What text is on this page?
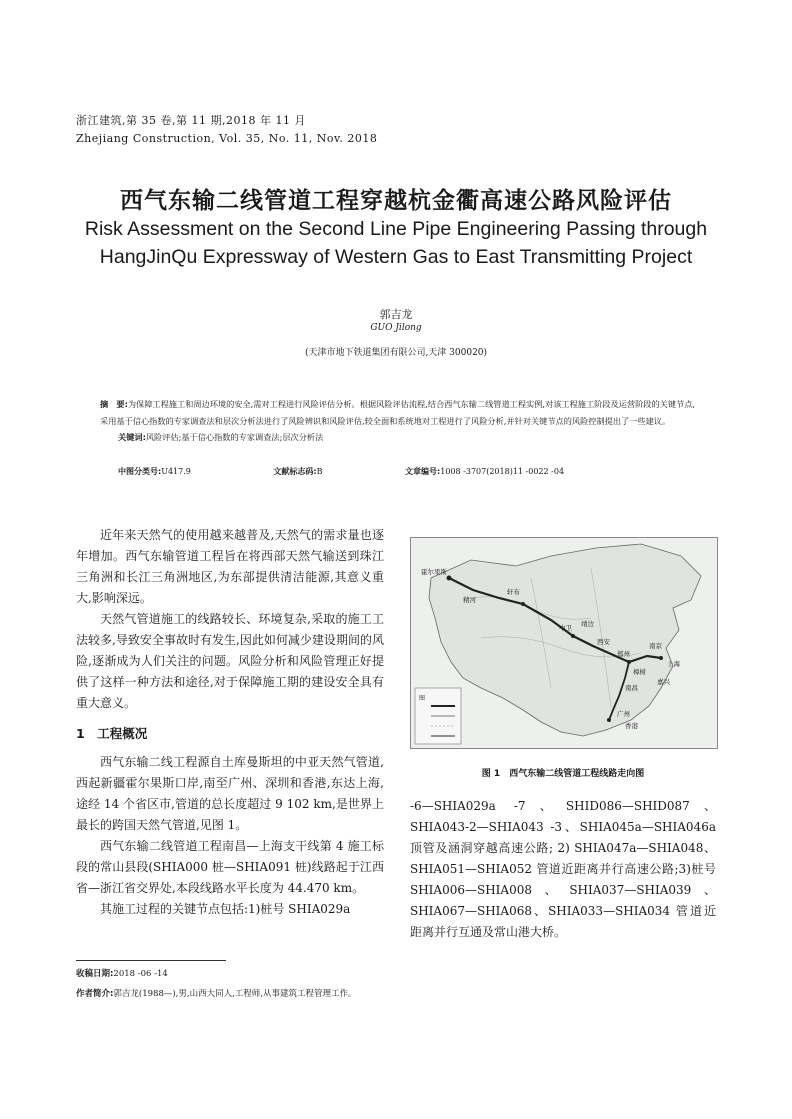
浙江建筑,第 35 卷,第 11 期,2018 年 11 月
Zhejiang Construction, Vol. 35, No. 11, Nov. 2018
西气东输二线管道工程穿越杭金衢高速公路风险评估
Risk Assessment on the Second Line Pipe Engineering Passing through
HangJinQu Expressway of Western Gas to East Transmitting Project
郭吉龙
GUO Jilong
(天津市地下铁道集团有限公司,天津 300020)
摘　要:为保障工程施工和周边环境的安全,需对工程进行风险评估分析。根据风险评估流程,结合西气东输二线管道工程实例,对该工程施工阶段及运营阶段的关键节点,采用基于信心指数的专家调查法和层次分析法进行了风险辨识和风险评估,较全面和系统地对工程进行了风险分析,并针对关键节点的风险控制提出了一些建议。
关键词:风险评估;基于信心指数的专家调查法;层次分析法
中图分类号:U417.9	文献标志码:B	文章编号:1008 -3707(2018)11 -0022 -04

近年来天然气的使用越来越普及,天然气的需求量也逐年增加。西气东输管道工程旨在将西部天然气输送到珠江三角洲和长江三角洲地区,为东部提供清洁能源,其意义重大,影响深远。

天然气管道施工的线路较长、环境复杂,采取的施工工法较多,导致安全事故时有发生,因此如何减少建设期间的风险,逐渐成为人们关注的问题。风险分析和风险管理正好提供了这样一种方法和途径,对于保障施工期的建设安全具有重大意义。

1　工程概况

西气东输二线工程源自土库曼斯坦的中亚天然气管道,西起新疆霍尔果斯口岸,南至广州、深圳和香港,东达上海,途经 14 个省区市,管道的总长度超过 9 102 km,是世界上最长的跨国天然气管道,见图 1。

西气东输二线管道工程南昌—上海支干线第 4 施工标段的常山县段(SHIA000 桩—SHIA091 桩)线路起于江西省—浙江省交界处,本段线路水平长度为 44.470 km。

其施工过程的关键节点包括:1)桩号 SHIA029a

霍尔果斯
精河
轩布
中卫 靖边
西安
郑州
南京
上海
樟树
嘉兴
南昌
广州
香港
图
图 1　西气东输二线管道工程线路走向图

-6—SHIA029a -7、SHID086—SHID087、SHIA043-2—SHIA043 -3、SHIA045a—SHIA046a 顶管及涵洞穿越高速公路; 2) SHIA047a—SHIA048、SHIA051—SHIA052 管道近距离并行高速公路;3)桩号 SHIA006—SHIA008、SHIA037—SHIA039、SHIA067—SHIA068、SHIA033—SHIA034 管道近距离并行互通及常山港大桥。

收稿日期:2018 -06 -14
作者简介:郭吉龙(1988—),男,山西大同人,工程师,从事建筑工程管理工作。
